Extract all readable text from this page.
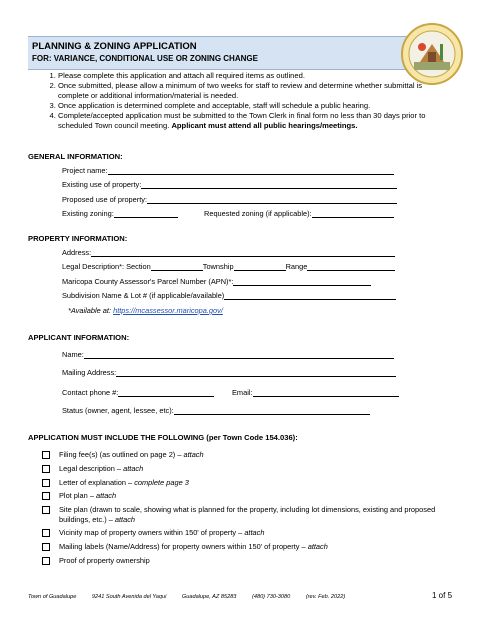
PLANNING & ZONING APPLICATION
FOR: VARIANCE, CONDITIONAL USE OR ZONING CHANGE
1. Please complete this application and attach all required items as outlined.
2. Once submitted, please allow a minimum of two weeks for staff to review and determine whether submittal is complete or additional information/material is needed.
3. Once application is determined complete and acceptable, staff will schedule a public hearing.
4. Complete/accepted application must be submitted to the Town Clerk in final form no less than 30 days prior to scheduled Town council meeting. Applicant must attend all public hearings/meetings.
GENERAL INFORMATION:
Project name:
Existing use of property:
Proposed use of property:
Existing zoning:	Requested zoning (if applicable):
PROPERTY INFORMATION:
Address:
Legal Description*: Section	Township	Range
Maricopa County Assessor's Parcel Number (APN)*:
Subdivision Name & Lot # (if applicable/available)
*Available at:
https://mcassessor.maricopa.gov/
APPLICANT INFORMATION:
Name:
Mailing Address:
Contact phone #:	Email:
Status (owner, agent, lessee, etc):
APPLICATION MUST INCLUDE THE FOLLOWING (per Town Code 154.036):
Filing fee(s) (as outlined on page 2) – attach
Legal description – attach
Letter of explanation – complete page 3
Plot plan – attach
Site plan (drawn to scale, showing what is planned for the property, including lot dimensions, existing and proposed buildings, etc.) – attach
Vicinity map of property owners within 150' of property – attach
Mailing labels (Name/Address) for property owners within 150' of property – attach
Proof of property ownership
Town of Guadalupe	9241 South Avenida del Yaqui	Guadalupe, AZ 85283	(480) 730-3080	(rev. Feb. 2022)	1 of 5
